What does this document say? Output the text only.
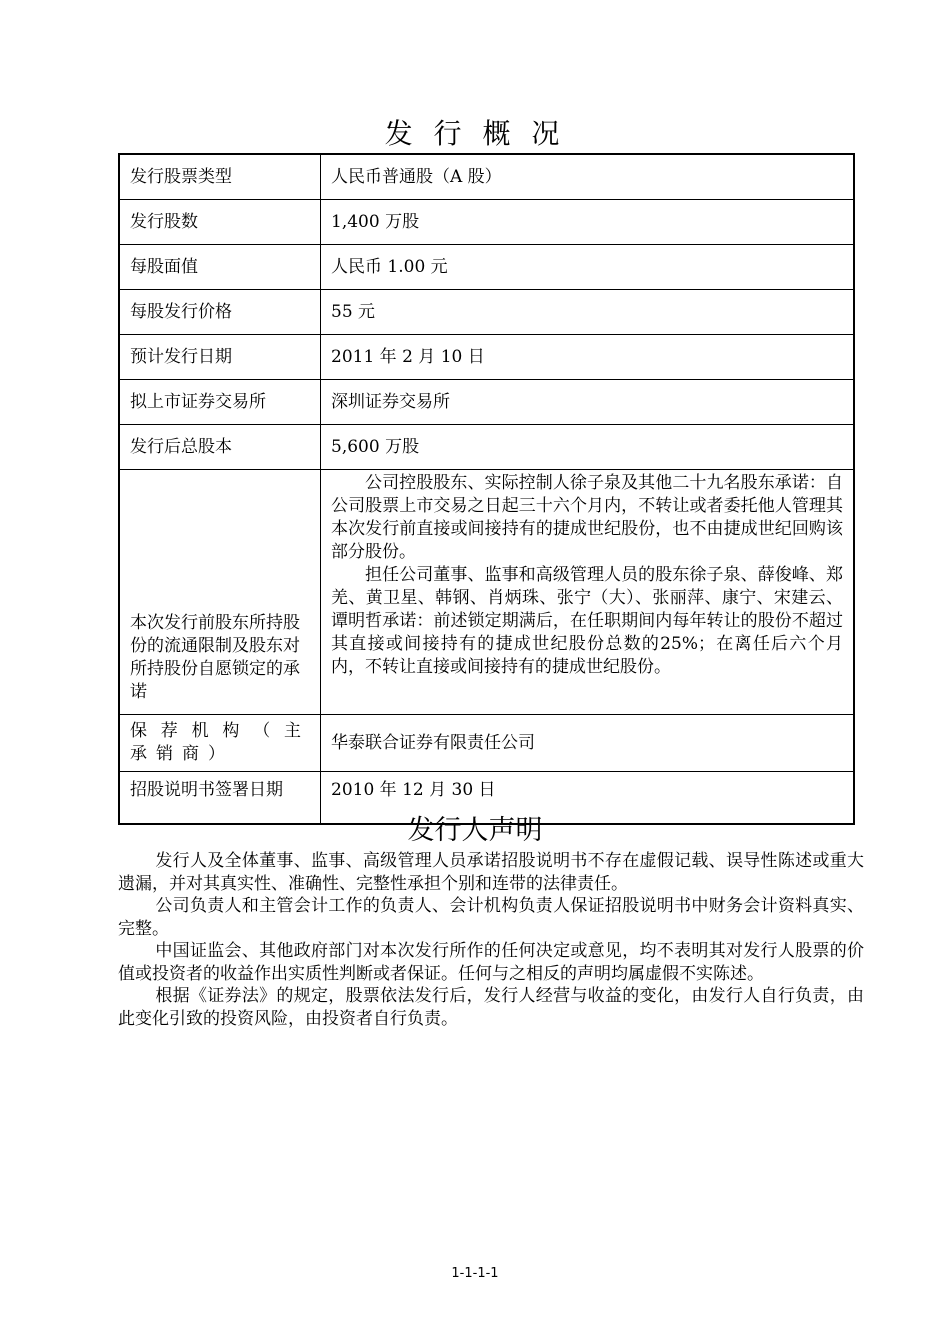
发 行 概 况
发行股票类型	人民币普通股（A 股）
发行股数	1,400 万股
每股面值	人民币 1.00 元
每股发行价格	55 元
预计发行日期	2011 年 2 月 10 日
拟上市证券交易所	深圳证券交易所
发行后总股本	5,600 万股
本次发行前股东所持股份的流通限制及股东对所持股份自愿锁定的承诺	公司控股股东、实际控制人徐子泉及其他二十九名股东承诺：自公司股票上市交易之日起三十六个月内，不转让或者委托他人管理其本次发行前直接或间接持有的捷成世纪股份，也不由捷成世纪回购该部分股份。

担任公司董事、监事和高级管理人员的股东徐子泉、薛俊峰、郑羌、黄卫星、韩钢、肖炳珠、张宁（大）、张丽萍、康宁、宋建云、谭明哲承诺：前述锁定期满后，在任职期间内每年转让的股份不超过其直接或间接持有的捷成世纪股份总数的25%；在离任后六个月内，不转让直接或间接持有的捷成世纪股份。

保荐机构（主承销商）	华泰联合证券有限责任公司
招股说明书签署日期	2010 年 12 月 30 日
发行人声明

发行人及全体董事、监事、高级管理人员承诺招股说明书不存在虚假记载、误导性陈述或重大遗漏，并对其真实性、准确性、完整性承担个别和连带的法律责任。

公司负责人和主管会计工作的负责人、会计机构负责人保证招股说明书中财务会计资料真实、完整。

中国证监会、其他政府部门对本次发行所作的任何决定或意见，均不表明其对发行人股票的价值或投资者的收益作出实质性判断或者保证。任何与之相反的声明均属虚假不实陈述。

根据《证券法》的规定，股票依法发行后，发行人经营与收益的变化，由发行人自行负责，由此变化引致的投资风险，由投资者自行负责。

1-1-1-1
